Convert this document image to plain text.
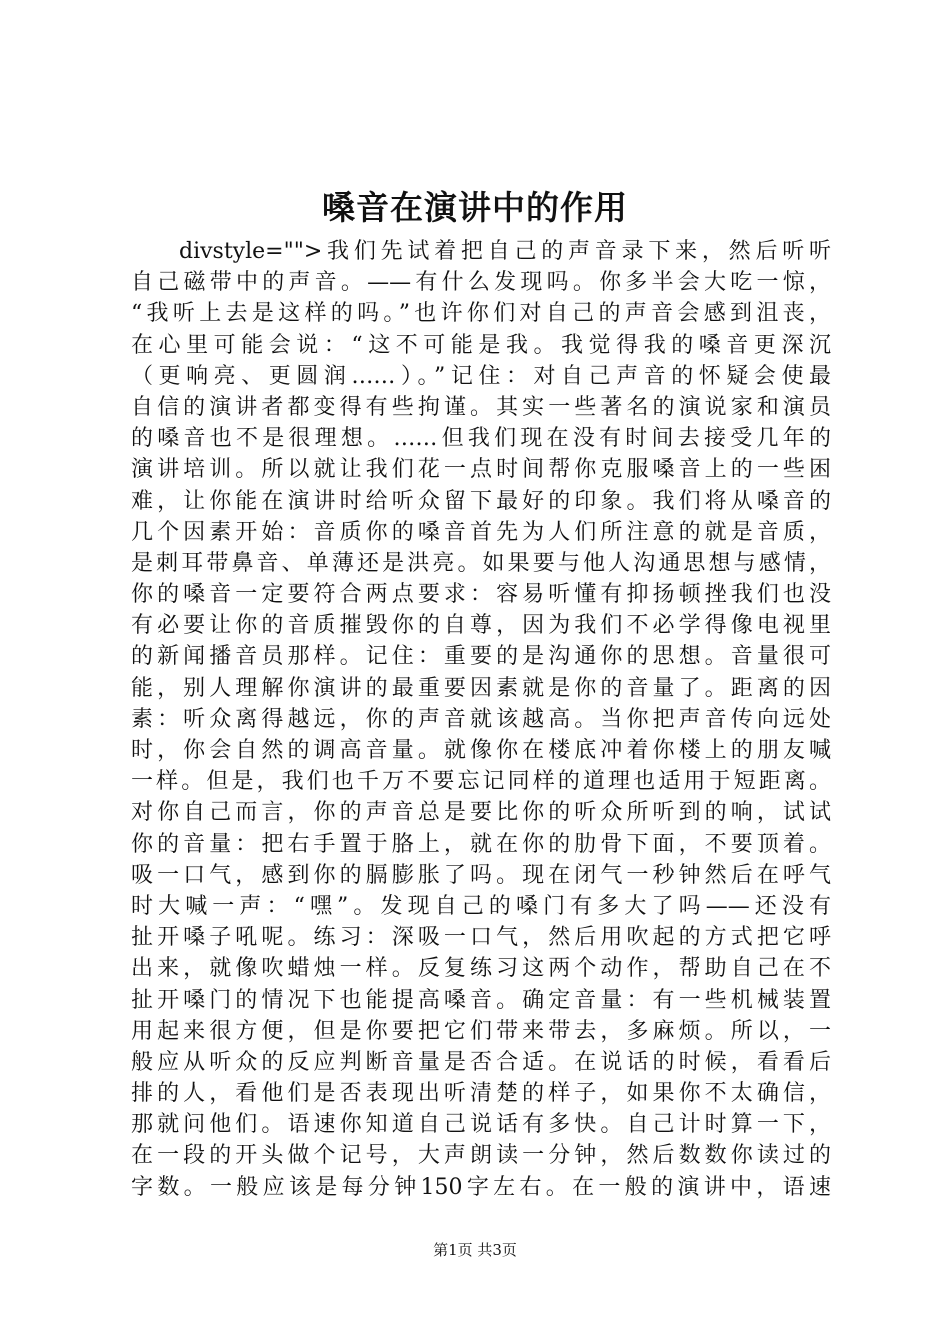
嗓音在演讲中的作用
divstyle="">我们先试着把自己的声音录下来，然后听听
自己磁带中的声音。——有什么发现吗。你多半会大吃一惊，
“我听上去是这样的吗。”也许你们对自己的声音会感到沮丧，
在心里可能会说：“这不可能是我。我觉得我的嗓音更深沉
（更响亮、更圆润……）。”记住：对自己声音的怀疑会使最
自信的演讲者都变得有些拘谨。其实一些著名的演说家和演员
的嗓音也不是很理想。……但我们现在没有时间去接受几年的
演讲培训。所以就让我们花一点时间帮你克服嗓音上的一些困
难，让你能在演讲时给听众留下最好的印象。我们将从嗓音的
几个因素开始：音质你的嗓音首先为人们所注意的就是音质，
是刺耳带鼻音、单薄还是洪亮。如果要与他人沟通思想与感情，
你的嗓音一定要符合两点要求：容易听懂有抑扬顿挫我们也没
有必要让你的音质摧毁你的自尊，因为我们不必学得像电视里
的新闻播音员那样。记住：重要的是沟通你的思想。音量很可
能，别人理解你演讲的最重要因素就是你的音量了。距离的因
素：听众离得越远，你的声音就该越高。当你把声音传向远处
时，你会自然的调高音量。就像你在楼底冲着你楼上的朋友喊
一样。但是，我们也千万不要忘记同样的道理也适用于短距离。
对你自己而言，你的声音总是要比你的听众所听到的响，试试
你的音量：把右手置于胳上，就在你的肋骨下面，不要顶着。
吸一口气，感到你的膈膨胀了吗。现在闭气一秒钟然后在呼气
时大喊一声：“嘿”。发现自己的嗓门有多大了吗——还没有
扯开嗓子吼呢。练习：深吸一口气，然后用吹起的方式把它呼
出来，就像吹蜡烛一样。反复练习这两个动作，帮助自己在不
扯开嗓门的情况下也能提高嗓音。确定音量：有一些机械装置
用起来很方便，但是你要把它们带来带去，多麻烦。所以，一
般应从听众的反应判断音量是否合适。在说话的时候，看看后
排的人，看他们是否表现出听清楚的样子，如果你不太确信，
那就问他们。语速你知道自己说话有多快。自己计时算一下，
在一段的开头做个记号，大声朗读一分钟，然后数数你读过的
字数。一般应该是每分钟150字左右。在一般的演讲中，语速
第1页 共3页
